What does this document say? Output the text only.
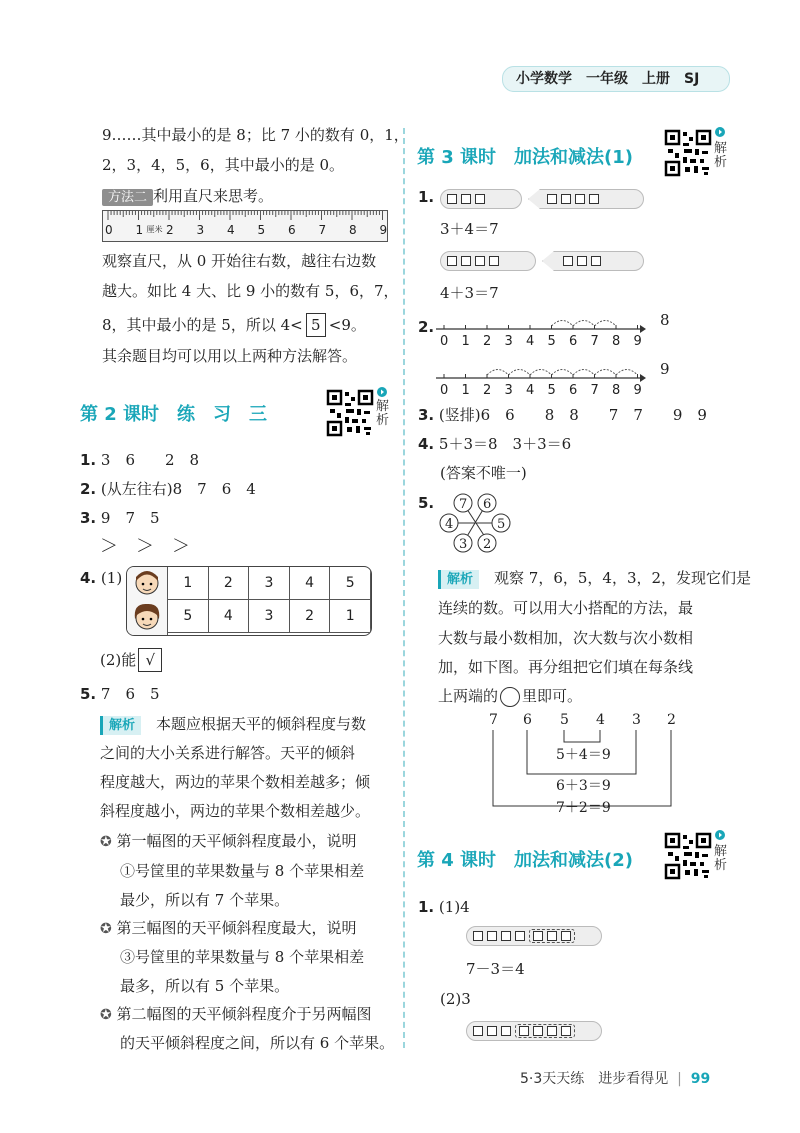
小学数学　 一年级　 上册　 SJ
9……其中最小的是 8；比 7 小的数有 0，1，
2，3，4，5，6，其中最小的是 0。
方法二 利用直尺来思考。
0 1 2 3 4 5 6 7 8 9
厘米
观察直尺，从 0 开始往右数，越往右边数
越大。如比 4 大、比 9 小的数有 5，6，7，
8，其中最小的是 5，所以 4< 5 <9。
其余题目均可以用以上两种方法解答。
第 2 课时　练　习　三	解析
1. 3　6　　2　8
2. (从左往右)8　7　6　4
3. 9　7　5
＞　＞　＞
4. (1)	1	2	3	4	5
5	4	3	2	1
(2)能 √
5. 7　6　5
解析　 本题应根据天平的倾斜程度与数
之间的大小关系进行解答。天平的倾斜
程度越大，两边的苹果个数相差越多；倾
斜程度越小，两边的苹果个数相差越少。
✪ 第一幅图的天平倾斜程度最小，说明
①号筐里的苹果数量与 8 个苹果相差
最少，所以有 7 个苹果。
✪ 第三幅图的天平倾斜程度最大，说明
③号筐里的苹果数量与 8 个苹果相差
最多，所以有 5 个苹果。
✪ 第二幅图的天平倾斜程度介于另两幅图
的天平倾斜程度之间，所以有 6 个苹果。
第 3 课时　加法和减法(1)	解析
1.
3＋4＝7
4＋3＝7
2.
0 1 2 3 4 5 6 7 8 9
0 1 2 3 4 5 6 7 8 9
8
9
3. (竖排)6　6　　8　8　　7　7　　9　9
4. 5＋3＝8　3＋3＝6
(答案不唯一)
5. 7 6
4	5
3 2
解析　 观察 7，6，5，4，3，2，发现它们是
连续的数。可以用大小搭配的方法，最
大数与最小数相加，次大数与次小数相
加，如下图。再分组把它们填在每条线
上两端的 里即可。
7 6 5 4 3 2
5＋4＝9
6＋3＝9
7＋2＝9
第 4 课时　加法和减法(2)	解析
1. (1)4
7－3＝4
(2)3
5·3天天练　进步看得见 | 99
